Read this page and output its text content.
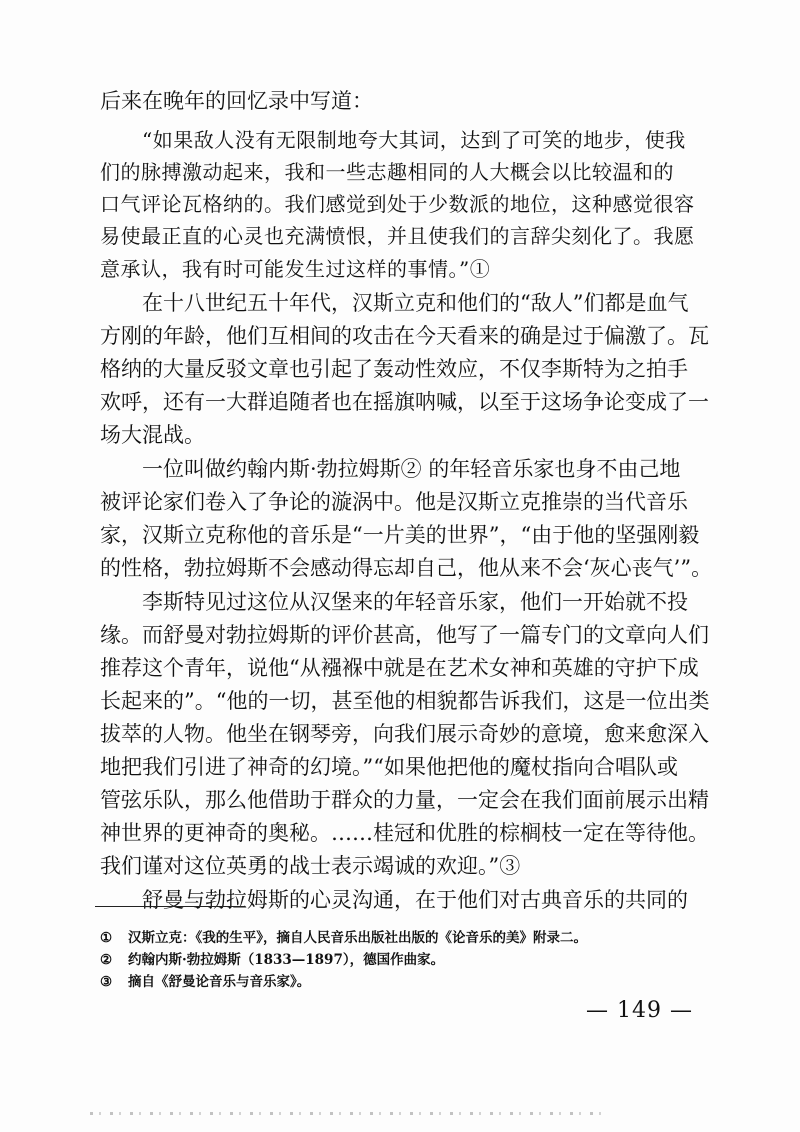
后来在晚年的回忆录中写道：
“如果敌人没有无限制地夸大其词，达到了可笑的地步，使我
们的脉搏激动起来，我和一些志趣相同的人大概会以比较温和的
口气评论瓦格纳的。我们感觉到处于少数派的地位，这种感觉很容
易使最正直的心灵也充满愤恨，并且使我们的言辞尖刻化了。我愿
意承认，我有时可能发生过这样的事情。”①
在十八世纪五十年代，汉斯立克和他们的“敌人”们都是血气
方刚的年龄，他们互相间的攻击在今天看来的确是过于偏激了。瓦
格纳的大量反驳文章也引起了轰动性效应，不仅李斯特为之拍手
欢呼，还有一大群追随者也在摇旗呐喊，以至于这场争论变成了一
场大混战。
一位叫做约翰内斯·勃拉姆斯② 的年轻音乐家也身不由己地
被评论家们卷入了争论的漩涡中。他是汉斯立克推崇的当代音乐
家，汉斯立克称他的音乐是“一片美的世界”，“由于他的坚强刚毅
的性格，勃拉姆斯不会感动得忘却自己，他从来不会‘灰心丧气’”。
李斯特见过这位从汉堡来的年轻音乐家，他们一开始就不投
缘。而舒曼对勃拉姆斯的评价甚高，他写了一篇专门的文章向人们
推荐这个青年，说他“从襁褓中就是在艺术女神和英雄的守护下成
长起来的”。“他的一切，甚至他的相貌都告诉我们，这是一位出类
拔萃的人物。他坐在钢琴旁，向我们展示奇妙的意境，愈来愈深入
地把我们引进了神奇的幻境。”“如果他把他的魔杖指向合唱队或
管弦乐队，那么他借助于群众的力量，一定会在我们面前展示出精
神世界的更神奇的奥秘。……桂冠和优胜的棕榈枝一定在等待他。
我们谨对这位英勇的战士表示竭诚的欢迎。”③
舒曼与勃拉姆斯的心灵沟通，在于他们对古典音乐的共同的
① 汉斯立克：《我的生平》，摘自人民音乐出版社出版的《论音乐的美》附录二。
② 约翰内斯·勃拉姆斯（1833—1897），德国作曲家。
③ 摘自《舒曼论音乐与音乐家》。
— 149 —
